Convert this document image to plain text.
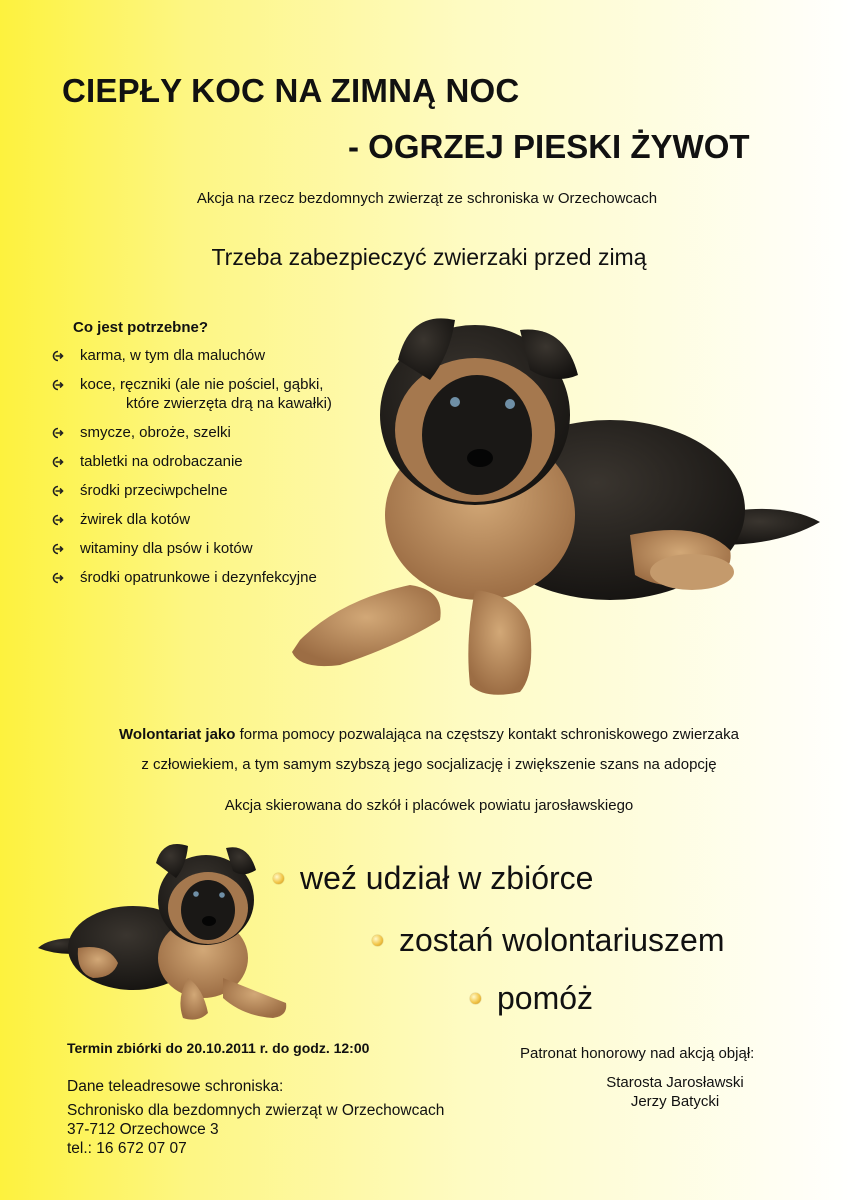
CIEPŁY KOC NA ZIMNĄ NOC
- OGRZEJ PIESKI ŻYWOT
Akcja na rzecz bezdomnych zwierząt ze schroniska w Orzechowcach
Trzeba zabezpieczyć zwierzaki przed zimą
Co jest potrzebne?
karma, w tym dla maluchów
koce, ręczniki (ale nie pościel, gąbki,
które zwierzęta drą na kawałki)
smycze, obroże, szelki
tabletki na odrobaczanie
środki przeciwpchelne
żwirek dla kotów
witaminy dla psów i kotów
środki opatrunkowe i dezynfekcyjne
Wolontariat jako forma pomocy pozwalająca na częstszy kontakt schroniskowego zwierzaka
z człowiekiem, a tym samym szybszą jego socjalizację i zwiększenie szans na adopcję
Akcja skierowana do szkół i placówek powiatu jarosławskiego
weź udział w zbiórce
zostań wolontariuszem
pomóż
Termin zbiórki do 20.10.2011 r. do godz. 12:00	Patronat honorowy nad akcją objął:
Starosta Jarosławski
Jerzy Batycki
Dane teleadresowe schroniska:
Schronisko dla bezdomnych zwierząt w Orzechowcach
37-712 Orzechowce 3
tel.: 16 672 07 07
